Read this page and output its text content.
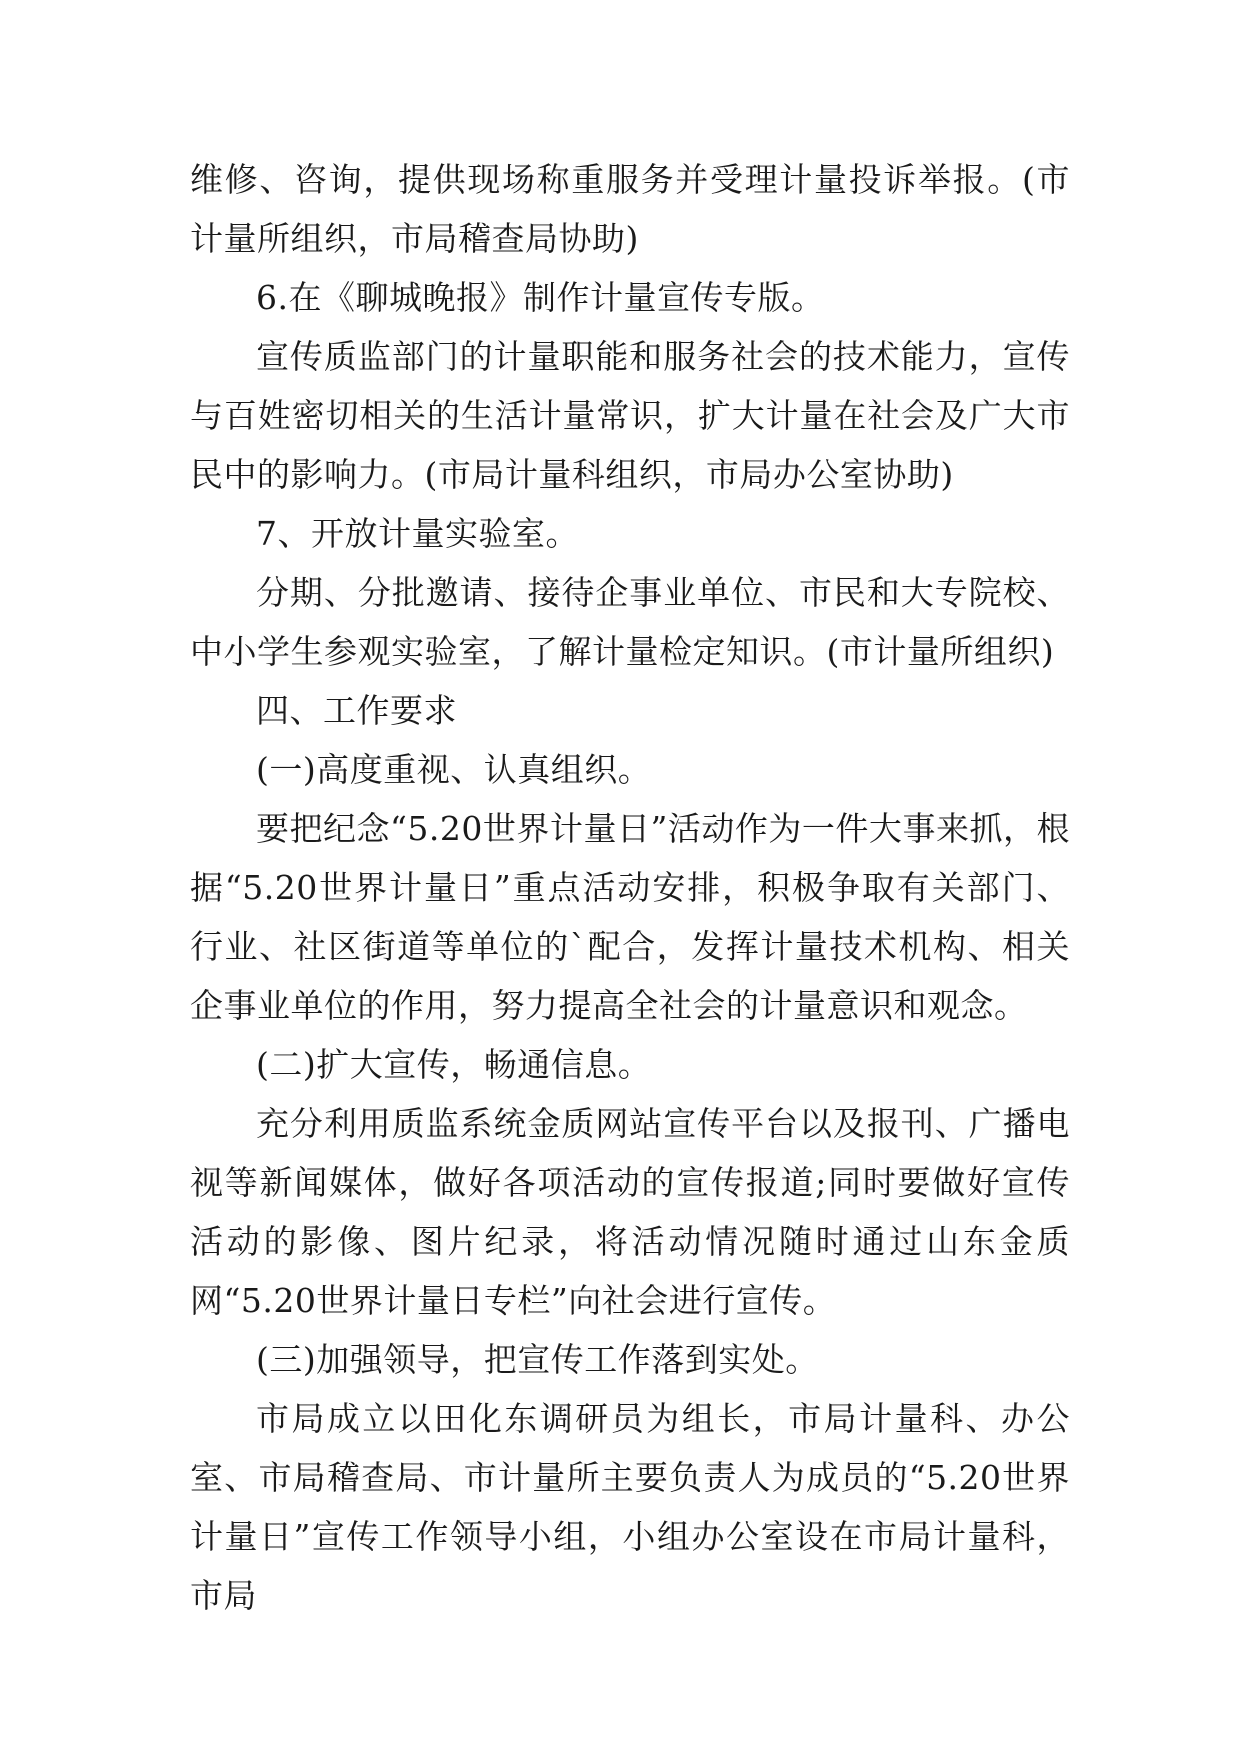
维修、咨询，提供现场称重服务并受理计量投诉举报。(市计量所组织，市局稽查局协助)

6.在《聊城晚报》制作计量宣传专版。

宣传质监部门的计量职能和服务社会的技术能力，宣传与百姓密切相关的生活计量常识，扩大计量在社会及广大市民中的影响力。(市局计量科组织，市局办公室协助)

7、开放计量实验室。

分期、分批邀请、接待企事业单位、市民和大专院校、中小学生参观实验室，了解计量检定知识。(市计量所组织)

四、工作要求

(一)高度重视、认真组织。

要把纪念“5.20世界计量日”活动作为一件大事来抓，根据“5.20世界计量日”重点活动安排，积极争取有关部门、行业、社区街道等单位的`配合，发挥计量技术机构、相关企事业单位的作用，努力提高全社会的计量意识和观念。

(二)扩大宣传，畅通信息。

充分利用质监系统金质网站宣传平台以及报刊、广播电视等新闻媒体，做好各项活动的宣传报道;同时要做好宣传活动的影像、图片纪录，将活动情况随时通过山东金质网“5.20世界计量日专栏”向社会进行宣传。

(三)加强领导，把宣传工作落到实处。

市局成立以田化东调研员为组长，市局计量科、办公室、市局稽查局、市计量所主要负责人为成员的“5.20世界计量日”宣传工作领导小组，小组办公室设在市局计量科，市局
